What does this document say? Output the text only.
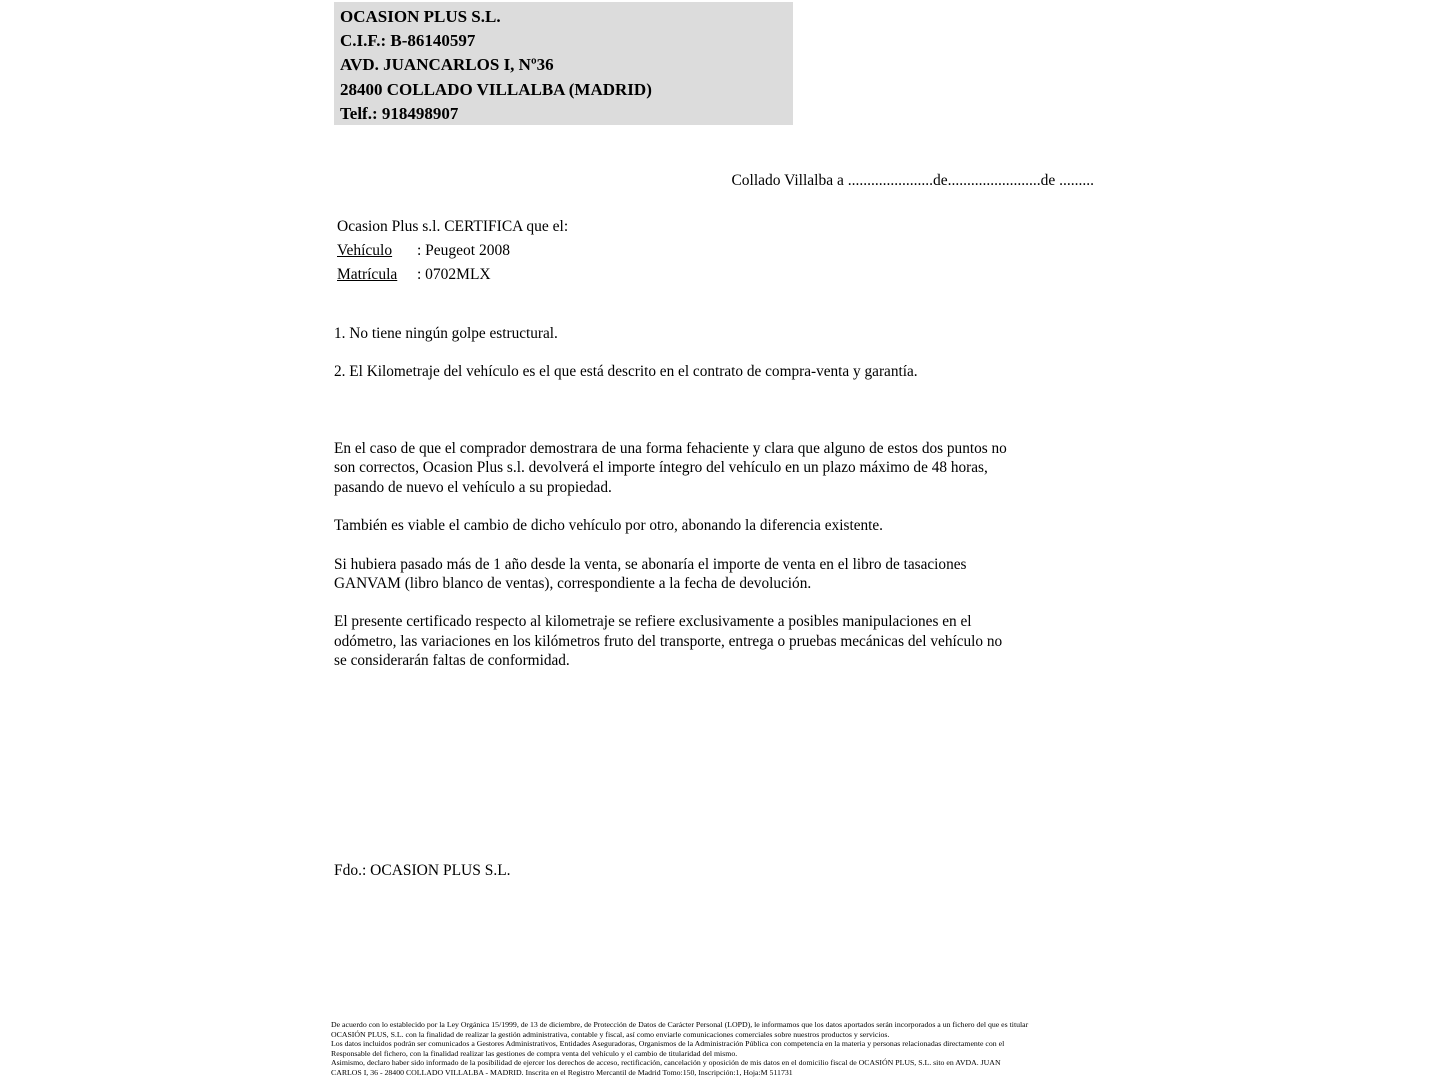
OCASION PLUS S.L.
C.I.F.: B-86140597
AVD. JUANCARLOS I, Nº36
28400 COLLADO VILLALBA (MADRID)
Telf.: 918498907
Collado Villalba a ......................de........................de .........
Ocasion Plus s.l. CERTIFICA que el:
Vehículo : Peugeot 2008
Matrícula : 0702MLX
1. No tiene ningún golpe estructural.
2. El Kilometraje del vehículo es el que está descrito en el contrato de compra-venta y garantía.
En el caso de que el comprador demostrara de una forma fehaciente y clara que alguno de estos dos puntos no
son correctos, Ocasion Plus s.l. devolverá el importe íntegro del vehículo en un plazo máximo de 48 horas,
pasando de nuevo el vehículo a su propiedad.
También es viable el cambio de dicho vehículo por otro, abonando la diferencia existente.
Si hubiera pasado más de 1 año desde la venta, se abonaría el importe de venta en el libro de tasaciones
GANVAM (libro blanco de ventas), correspondiente a la fecha de devolución.
El presente certificado respecto al kilometraje se refiere exclusivamente a posibles manipulaciones en el
odómetro, las variaciones en los kilómetros fruto del transporte, entrega o pruebas mecánicas del vehículo no
se considerarán faltas de conformidad.
Fdo.: OCASION PLUS S.L.
De acuerdo con lo establecido por la Ley Orgánica 15/1999, de 13 de diciembre, de Protección de Datos de Carácter Personal (LOPD), le informamos que los datos aportados serán incorporados a un fichero del que es titular
OCASIÓN PLUS, S.L. con la finalidad de realizar la gestión administrativa, contable y fiscal, así como enviarle comunicaciones comerciales sobre nuestros productos y servicios.
Los datos incluidos podrán ser comunicados a Gestores Administrativos, Entidades Aseguradoras, Organismos de la Administración Pública con competencia en la materia y personas relacionadas directamente con el
Responsable del fichero, con la finalidad realizar las gestiones de compra venta del vehículo y el cambio de titularidad del mismo.
Asimismo, declaro haber sido informado de la posibilidad de ejercer los derechos de acceso, rectificación, cancelación y oposición de mis datos en el domicilio fiscal de OCASIÓN PLUS, S.L. sito en AVDA. JUAN
CARLOS I, 36 - 28400 COLLADO VILLALBA - MADRID. Inscrita en el Registro Mercantil de Madrid Tomo:150, Inscripción:1, Hoja:M 511731
